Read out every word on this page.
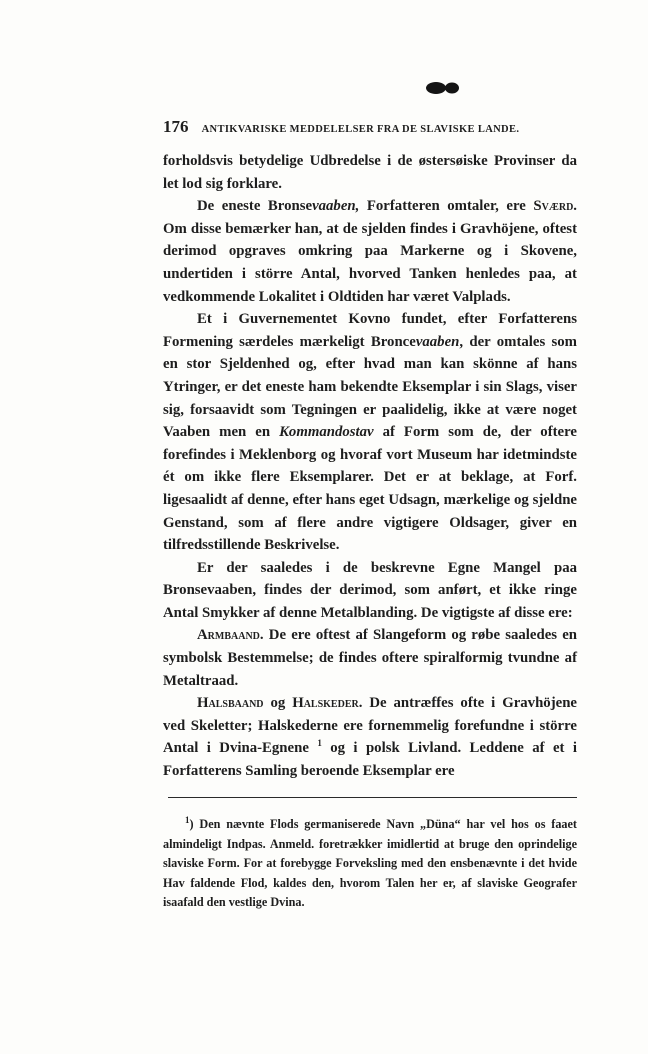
176 ANTIKVARISKE MEDDELELSER FRA DE SLAVISKE LANDE.

forholdsvis betydelige Udbredelse i de østersøiske Provinser da let lod sig forklare.

De eneste Bronsevaaben, Forfatteren omtaler, ere Sværd. Om disse bemærker han, at de sjelden findes i Gravhöjene, oftest derimod opgraves omkring paa Markerne og i Skovene, undertiden i större Antal, hvorved Tanken henledes paa, at vedkommende Lokalitet i Oldtiden har været Valplads.

Et i Guvernementet Kovno fundet, efter Forfatterens Formening særdeles mærkeligt Broncevaaben, der omtales som en stor Sjeldenhed og, efter hvad man kan skönne af hans Ytringer, er det eneste ham bekendte Eksemplar i sin Slags, viser sig, forsaavidt som Tegningen er paalidelig, ikke at være noget Vaaben men en Kommandostav af Form som de, der oftere forefindes i Meklenborg og hvoraf vort Museum har idetmindste ét om ikke flere Eksemplarer. Det er at beklage, at Forf. ligesaalidt af denne, efter hans eget Udsagn, mærkelige og sjeldne Genstand, som af flere andre vigtigere Oldsager, giver en tilfredsstillende Beskrivelse.

Er der saaledes i de beskrevne Egne Mangel paa Bronsevaaben, findes der derimod, som anført, et ikke ringe Antal Smykker af denne Metalblanding. De vigtigste af disse ere:

Armbaand. De ere oftest af Slangeform og røbe saaledes en symbolsk Bestemmelse; de findes oftere spiralformig tvundne af Metaltraad.

Halsbaand og Halskeder. De antræffes ofte i Gravhöjene ved Skeletter; Halskederne ere fornemmelig forefundne i större Antal i Dvina-Egnene $^1$ og i polsk Livland. Leddene af et i Forfatterens Samling beroende Eksemplar ere

$^1$) Den nævnte Flods germaniserede Navn „Düna“ har vel hos os faaet almindeligt Indpas. Anmeld. foretrækker imidlertid at bruge den oprindelige slaviske Form. For at forebygge Forveksling med den ensbenævnte i det hvide Hav faldende Flod, kaldes den, hvorom Talen her er, af slaviske Geografer isaafald den vestlige Dvina.
